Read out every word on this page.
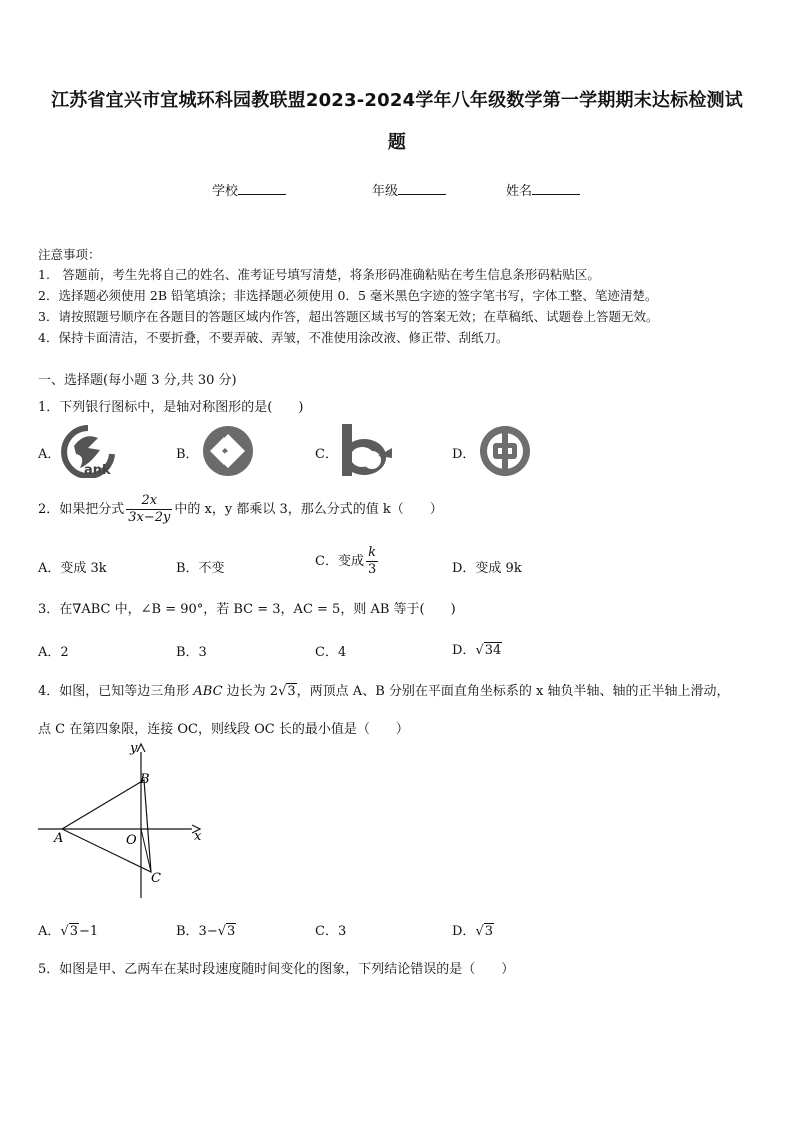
江苏省宜兴市宜城环科园教联盟2023-2024学年八年级数学第一学期期末达标检测试
题
学校	年级	姓名
注意事项：
1.　答题前，考生先将自己的姓名、准考证号填写清楚，将条形码准确粘贴在考生信息条形码粘贴区。
2．选择题必须使用 2B 铅笔填涂；非选择题必须使用 0．5 毫米黑色字迹的签字笔书写，字体工整、笔迹清楚。
3．请按照题号顺序在各题目的答题区域内作答，超出答题区域书写的答案无效；在草稿纸、试题卷上答题无效。
4．保持卡面清洁，不要折叠，不要弄破、弄皱，不准使用涂改液、修正带、刮纸刀。
一、选择题(每小题 3 分,共 30 分)
1．下列银行图标中，是轴对称图形的是(　　)
A．
ank
B．	C．	D．
2．如果把分式 $\frac{2x}{3x-2y}$ 中的 x，y 都乘以 3，那么分式的值 k（　　）
A．变成 3k	B．不变	C．变成 $\frac{k}{3}$	D．变成 9k
3．在∇ABC 中，∠B = 90°，若 BC = 3，AC = 5，则 AB 等于(　　)
A．2	B．3	C．4	D．√34
4．如图，已知等边三角形 ABC 边长为 2√3，两顶点 A、B 分别在平面直角坐标系的 x 轴负半轴、轴的正半轴上滑动，
点 C 在第四象限，连接 OC，则线段 OC 长的最小值是（　　）
y
x
A
B
O
C
A．√3−1	B．3−√3	C．3	D．√3
5．如图是甲、乙两车在某时段速度随时间变化的图象，下列结论错误的是（　　）
